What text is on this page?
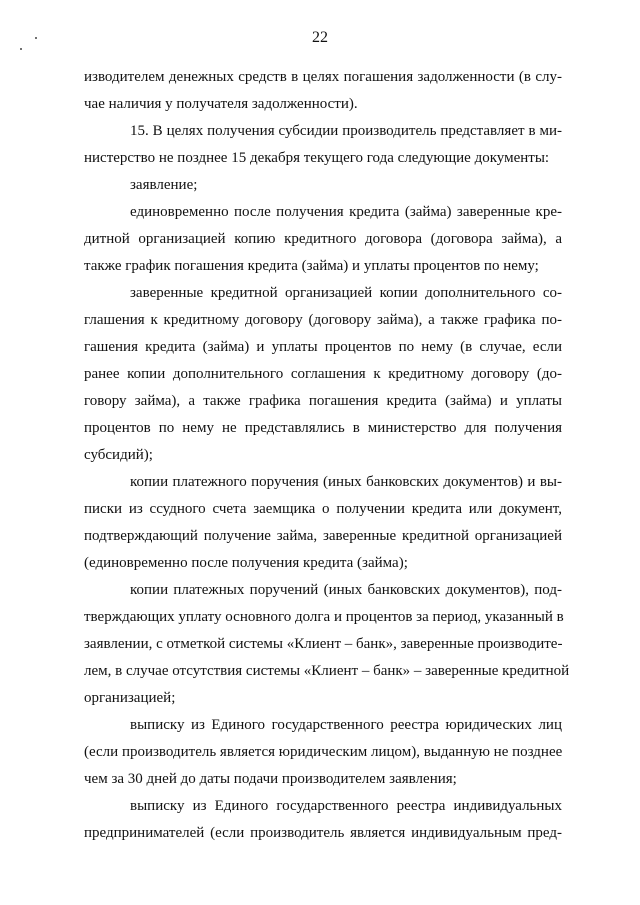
22
изводителем денежных средств в целях погашения задолженности (в слу-
чае наличия у получателя задолженности).
15. В целях получения субсидии производитель представляет в ми-
нистерство не позднее 15 декабря текущего года следующие документы:
заявление;
единовременно после получения кредита (займа) заверенные кре-
дитной организацией копию кредитного договора (договора займа), а
также график погашения кредита (займа) и уплаты процентов по нему;
заверенные кредитной организацией копии дополнительного со-
глашения к кредитному договору (договору займа), а также графика по-
гашения кредита (займа) и уплаты процентов по нему (в случае, если
ранее копии дополнительного соглашения к кредитному договору (до-
говору займа), а также графика погашения кредита (займа) и уплаты
процентов по нему не представлялись в министерство для получения
субсидий);
копии платежного поручения (иных банковских документов) и вы-
писки из ссудного счета заемщика о получении кредита или документ,
подтверждающий получение займа, заверенные кредитной организацией
(единовременно после получения кредита (займа);
копии платежных поручений (иных банковских документов), под-
тверждающих уплату основного долга и процентов за период, указанный в
заявлении, с отметкой системы «Клиент – банк», заверенные производите-
лем, в случае отсутствия системы «Клиент – банк» – заверенные кредитной
организацией;
выписку из Единого государственного реестра юридических лиц
(если производитель является юридическим лицом), выданную не позднее
чем за 30 дней до даты подачи производителем заявления;
выписку из Единого государственного реестра индивидуальных
предпринимателей (если производитель является индивидуальным пред-
